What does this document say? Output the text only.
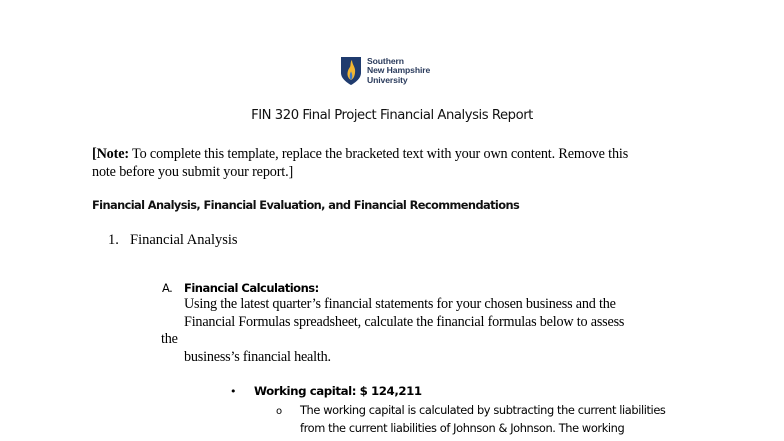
Southern
New Hampshire
University
FIN 320 Final Project Financial Analysis Report
[Note: To complete this template, replace the bracketed text with your own content. Remove this
note before you submit your report.]
Financial Analysis, Financial Evaluation, and Financial Recommendations
1. Financial Analysis
A. Financial Calculations:
Using the latest quarter’s financial statements for your chosen business and the
Financial Formulas spreadsheet, calculate the financial formulas below to assess
the
business’s financial health.
• Working capital: $ 124,211
o The working capital is calculated by subtracting the current liabilities
from the current liabilities of Johnson & Johnson. The working
